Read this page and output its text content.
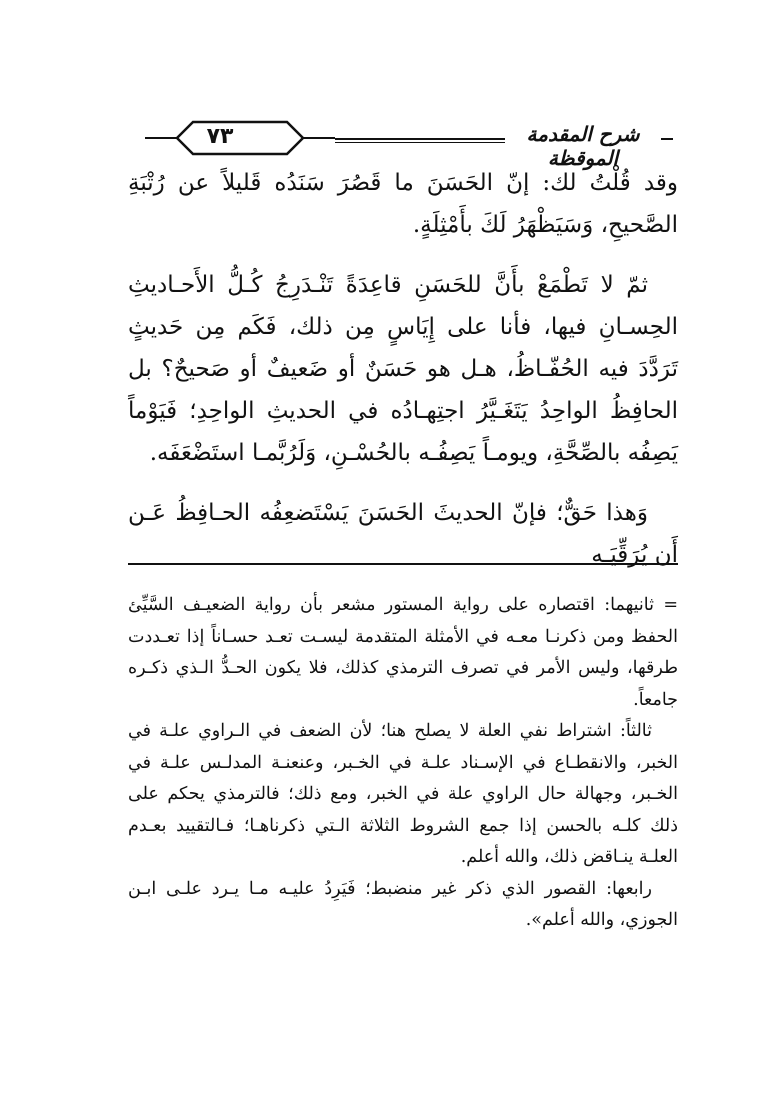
٧٣	شرح المقدمة الموقظة

وقد قُلْتُ لك: إنّ الحَسَنَ ما قَصُرَ سَنَدُه قَليلاً عن رُتْبَةِ الصَّحيحِ، وَسَيَظْهَرُ لَكَ بأَمْثِلَةٍ.

ثمّ لا تَطْمَعْ بأَنَّ للحَسَنِ قاعِدَةً تَنْـدَرِجُ كُـلُّ الأَحـاديثِ الحِسـانِ فيها، فأنا على إِيَاسٍ مِن ذلك، فَكَم مِن حَديثٍ تَرَدَّدَ فيه الحُفّـاظُ، هـل هو حَسَنٌ أو ضَعيفٌ أو صَحيحٌ؟ بل الحافِظُ الواحِدُ يَتَغَـيَّرُ اجتِهـادُه في الحديثِ الواحِدِ؛ فَيَوْماً يَصِفُه بالصِّحَّةِ، ويومـاً يَصِفُـه بالحُسْـنِ، وَلَرُبَّمـا استَضْعَفَه.

وَهذا حَقٌّ؛ فإنّ الحديثَ الحَسَنَ يَسْتَضعِفُه الحـافِظُ عَـن أَن يُرَقِّيَـه

= ثانيهما: اقتصاره على رواية المستور مشعر بأن رواية الضعيـف السَّيِّئ الحفظ ومن ذكرنـا معـه في الأمثلة المتقدمة ليسـت تعـد حسـاناً إذا تعـددت طرقها، وليس الأمر في تصرف الترمذي كذلك، فلا يكون الحـدُّ الـذي ذكـره جامعاً.

ثالثاً: اشتراط نفي العلة لا يصلح هنا؛ لأن الضعف في الـراوي علـة في الخبر، والانقطـاع في الإسـناد علـة في الخـبر، وعنعنـة المدلـس علـة في الخـبر، وجهالة حال الراوي علة في الخبر، ومع ذلك؛ فالترمذي يحكم على ذلك كلـه بالحسن إذا جمع الشروط الثلاثة الـتي ذكرناهـا؛ فـالتقييد بعـدم العلـة ينـاقض ذلك، والله أعلم.

رابعها: القصور الذي ذكر غير منضبط؛ فَيَرِدُ عليـه مـا يـرد علـى ابـن الجوزي، والله أعلم».
